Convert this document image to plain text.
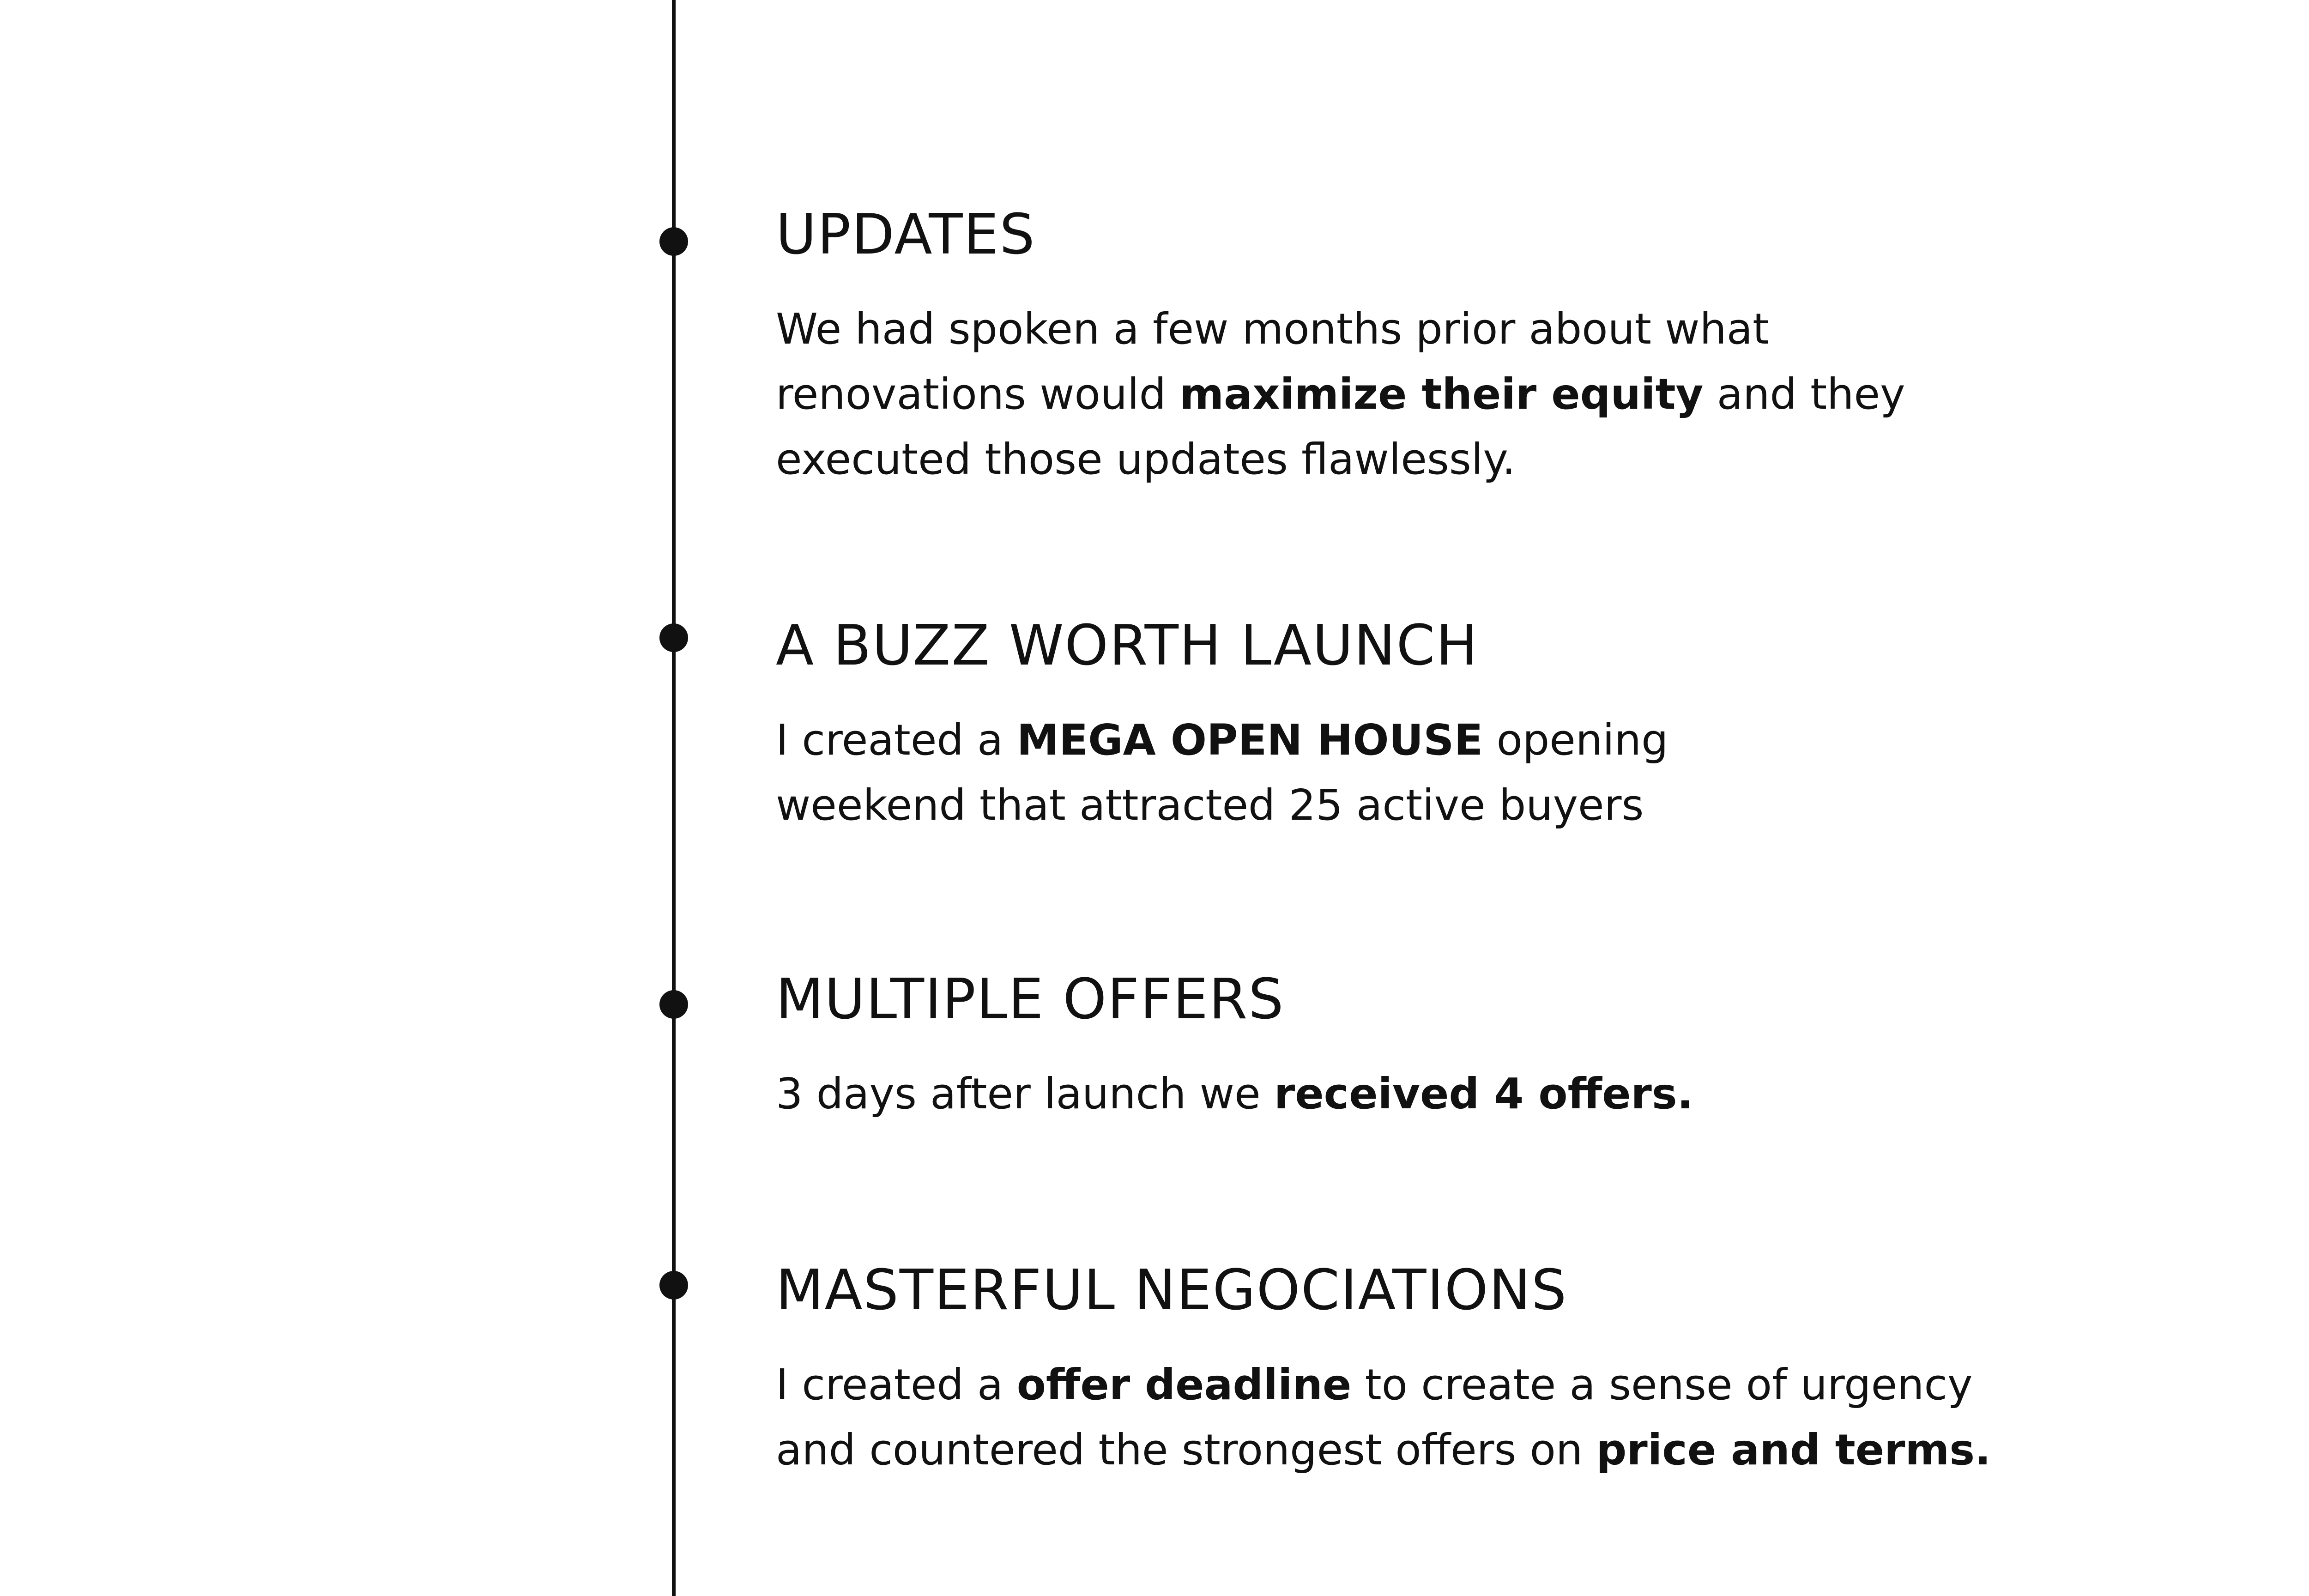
UPDATES

We had spoken a few months prior about what
renovations would maximize their equity and they
executed those updates flawlessly.

A BUZZ WORTH LAUNCH

I created a MEGA OPEN HOUSE opening
weekend that attracted 25 active buyers

MULTIPLE OFFERS

3 days after launch we received 4 offers.

MASTERFUL NEGOCIATIONS

I created a offer deadline to create a sense of urgency
and countered the strongest offers on price and terms.
